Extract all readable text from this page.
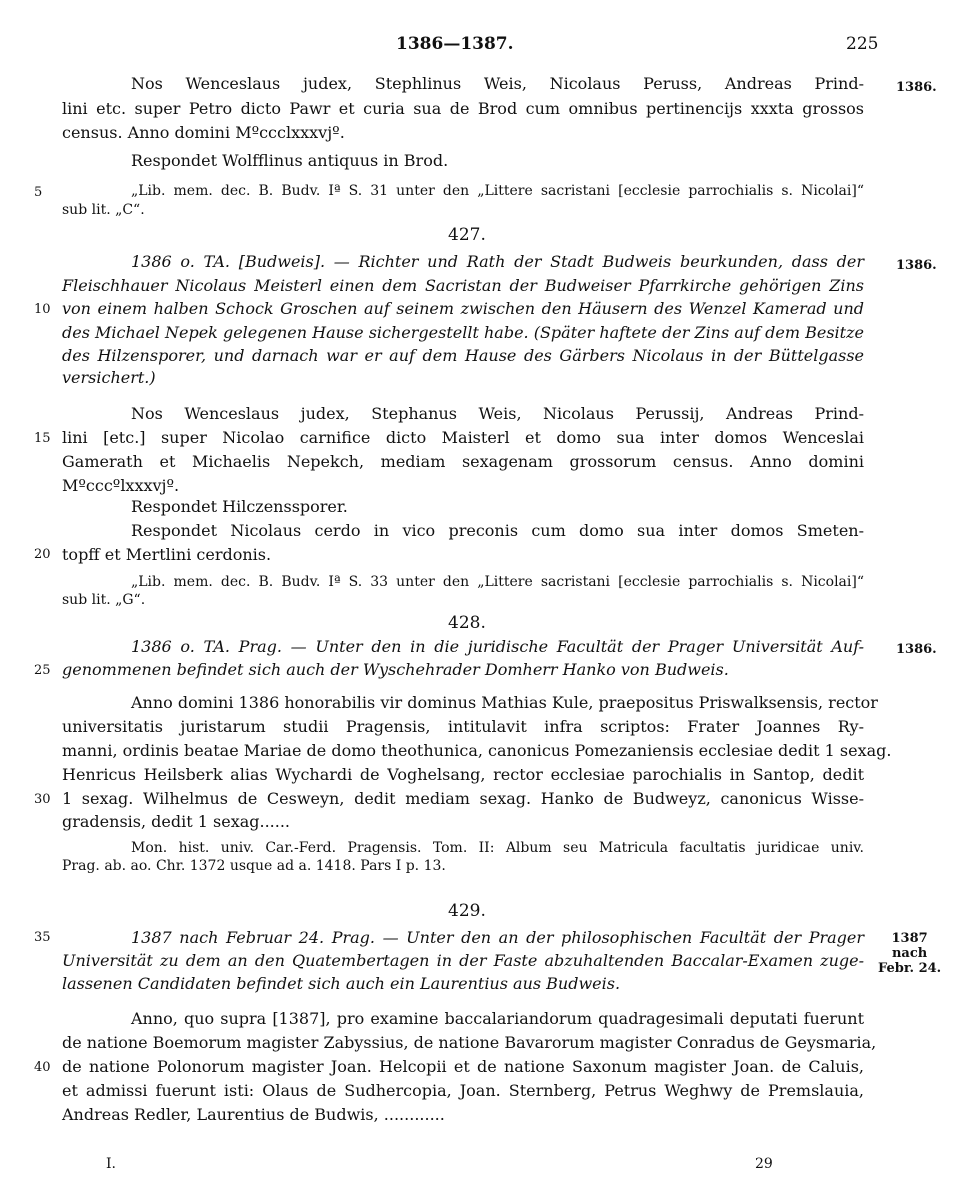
1386—1387.	225
Nos Wenceslaus judex, Stephlinus Weis, Nicolaus Peruss, Andreas Prind-
lini etc. super Petro dicto Pawr et curia sua de Brod cum omnibus pertinencijs xxxta grossos
census. Anno domini Mºccclxxxvjº.
Respondet Wolfflinus antiquus in Brod.
1386.
„Lib. mem. dec. B. Budv. Iª S. 31 unter den „Littere sacristani [ecclesie parrochialis s. Nicolai]“
sub lit. „C“.
427.
1386.
1386 o. TA. [Budweis]. — Richter und Rath der Stadt Budweis beurkunden, dass der
Fleischhauer Nicolaus Meisterl einen dem Sacristan der Budweiser Pfarrkirche gehörigen Zins
von einem halben Schock Groschen auf seinem zwischen den Häusern des Wenzel Kamerad und
des Michael Nepek gelegenen Hause sichergestellt habe. (Später haftete der Zins auf dem Besitze
des Hilzensporer, und darnach war er auf dem Hause des Gärbers Nicolaus in der Büttelgasse
versichert.)
Nos Wenceslaus judex, Stephanus Weis, Nicolaus Perussij, Andreas Prind-
lini [etc.] super Nicolao carnifice dicto Maisterl et domo sua inter domos Wenceslai
Gamerath et Michaelis Nepekch, mediam sexagenam grossorum census. Anno domini
Mºcccºlxxxvjº.
Respondet Hilczenssporer.
Respondet Nicolaus cerdo in vico preconis cum domo sua inter domos Smeten-
topff et Mertlini cerdonis.
„Lib. mem. dec. B. Budv. Iª S. 33 unter den „Littere sacristani [ecclesie parrochialis s. Nicolai]“
sub lit. „G“.
428.
1386.
1386 o. TA. Prag. — Unter den in die juridische Facultät der Prager Universität Auf-
genommenen befindet sich auch der Wyschehrader Domherr Hanko von Budweis.
Anno domini 1386 honorabilis vir dominus Mathias Kule, praepositus Priswalksensis, rector
universitatis juristarum studii Pragensis, intitulavit infra scriptos: Frater Joannes Ry-
manni, ordinis beatae Mariae de domo theothunica, canonicus Pomezaniensis ecclesiae dedit 1 sexag.
Henricus Heilsberk alias Wychardi de Voghelsang, rector ecclesiae parochialis in Santop, dedit
1 sexag. Wilhelmus de Cesweyn, dedit mediam sexag. Hanko de Budweyz, canonicus Wisse-
gradensis, dedit 1 sexag......
Mon. hist. univ. Car.-Ferd. Pragensis. Tom. II: Album seu Matricula facultatis juridicae univ.
Prag. ab. ao. Chr. 1372 usque ad a. 1418. Pars I p. 13.
429.
1387
nach
Febr. 24.
1387 nach Februar 24. Prag. — Unter den an der philosophischen Facultät der Prager
Universität zu dem an den Quatembertagen in der Faste abzuhaltenden Baccalar-Examen zuge-
lassenen Candidaten befindet sich auch ein Laurentius aus Budweis.
Anno, quo supra [1387], pro examine baccalariandorum quadragesimali deputati fuerunt
de natione Boemorum magister Zabyssius, de natione Bavarorum magister Conradus de Geysmaria,
de natione Polonorum magister Joan. Helcopii et de natione Saxonum magister Joan. de Caluis,
et admissi fuerunt isti: Olaus de Sudhercopia, Joan. Sternberg, Petrus Weghwy de Premslauia,
Andreas Redler, Laurentius de Budwis, ............
5
10
15
20
25
30
35
40
I.	29
